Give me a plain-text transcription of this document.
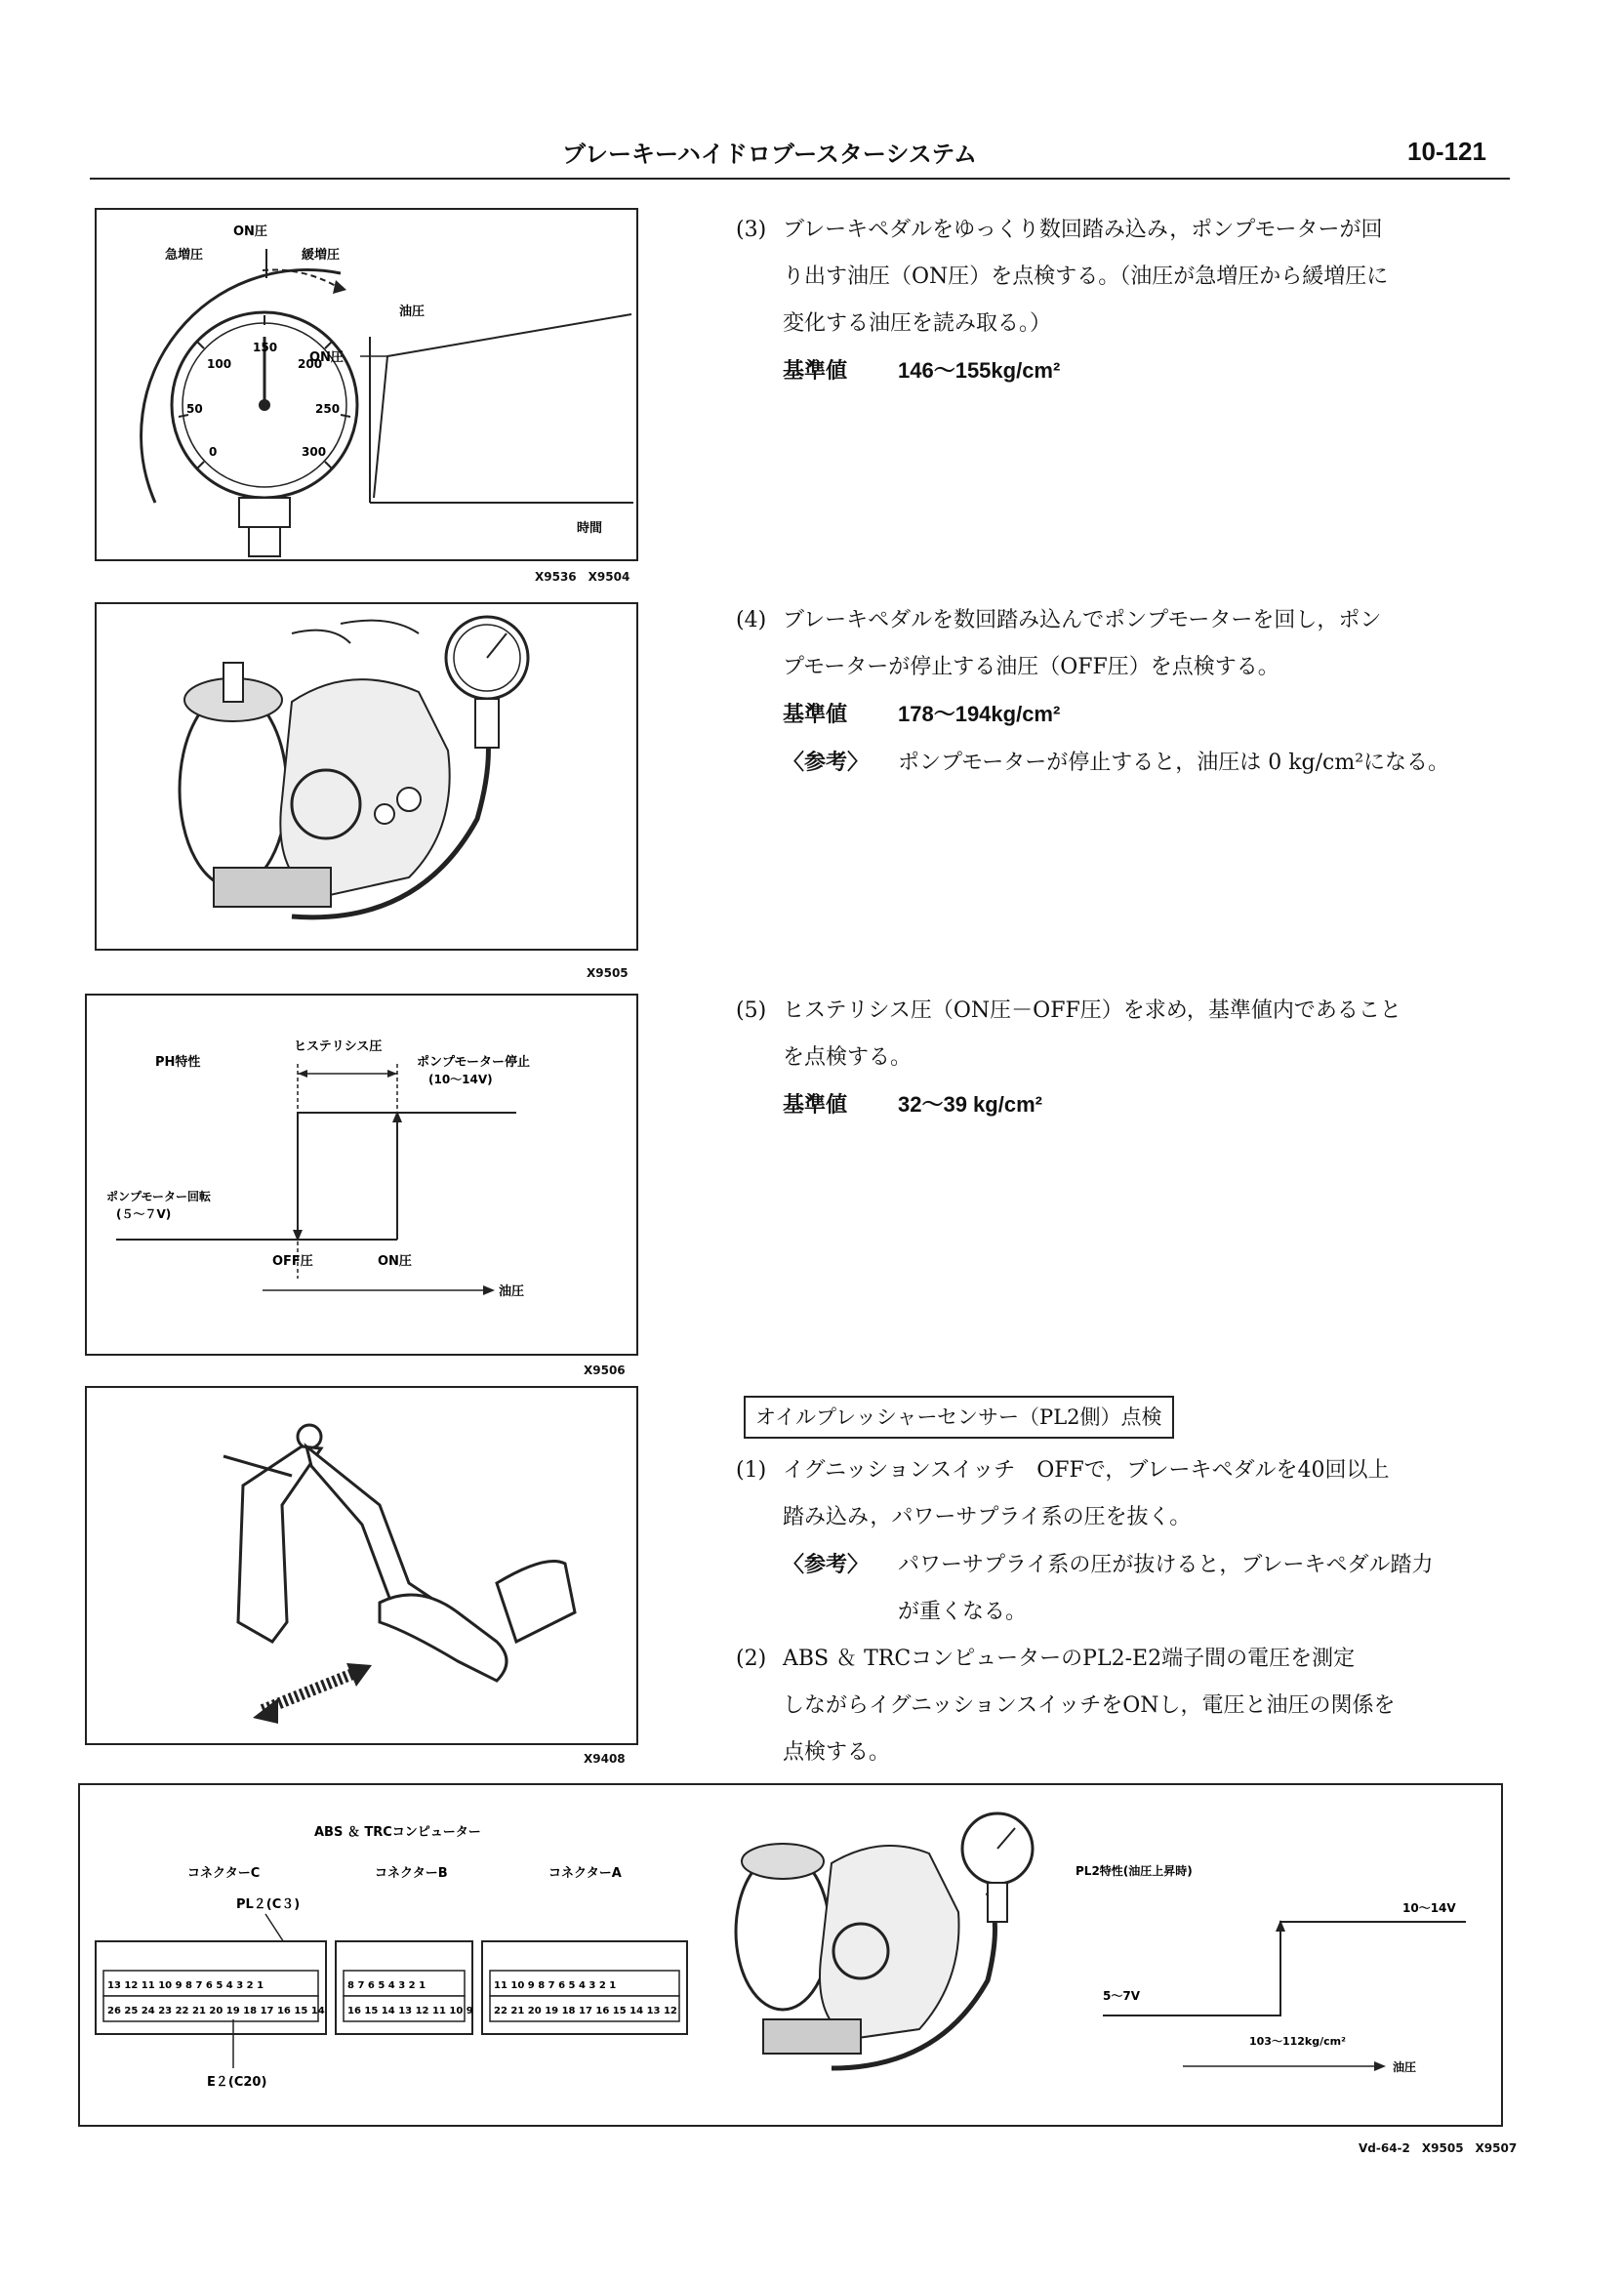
ブレーキーハイドロブースターシステム	10-121
0
50
100
150
200
250
300
ON圧
急増圧	緩増圧
油圧
ON圧
時間
X9536　X9504
(3) ブレーキペダルをゆっくり数回踏み込み，ポンプモーターが回
り出す油圧（ON圧）を点検する。（油圧が急増圧から緩増圧に
変化する油圧を読み取る。）
基準値 146〜155kg/cm²
X9505
(4) ブレーキペダルを数回踏み込んでポンプモーターを回し，ポン
プモーターが停止する油圧（OFF圧）を点検する。
基準値 178〜194kg/cm²
〈参考〉 ポンプモーターが停止すると，油圧は 0 kg/cm²になる。
PH特性
ヒステリシス圧
ポンプモーター停止
(10〜14V)
ポンプモーター回転
(５〜７V)
OFF圧	ON圧
油圧
X9506
(5) ヒステリシス圧（ON圧－OFF圧）を求め，基準値内であること
を点検する。
基準値 32〜39 kg/cm²
X9408
オイルプレッシャーセンサー（PL2側）点検
(1) イグニッションスイッチ　OFFで，ブレーキペダルを40回以上
踏み込み，パワーサプライ系の圧を抜く。
〈参考〉 パワーサプライ系の圧が抜けると，ブレーキペダル踏力
が重くなる。
(2) ABS ＆ TRCコンピューターのPL2-E2端子間の電圧を測定
しながらイグニッションスイッチをONし，電圧と油圧の関係を
点検する。
ABS ＆ TRCコンピューター
コネクターC	コネクターB	コネクターA
PL２(C３)
13 12 11 10 9 8 7 6 5 4 3 2 1
26 25 24 23 22 21 20 19 18 17 16 15 14
8 7 6 5 4 3 2 1
16 15 14 13 12 11 10 9
11 10 9 8 7 6 5 4 3 2 1
22 21 20 19 18 17 16 15 14 13 12
E２(C20)
PL2特性(油圧上昇時)
10〜14V
5〜7V
103〜112kg/cm²
油圧
Vd-64-2　X9505　X9507
